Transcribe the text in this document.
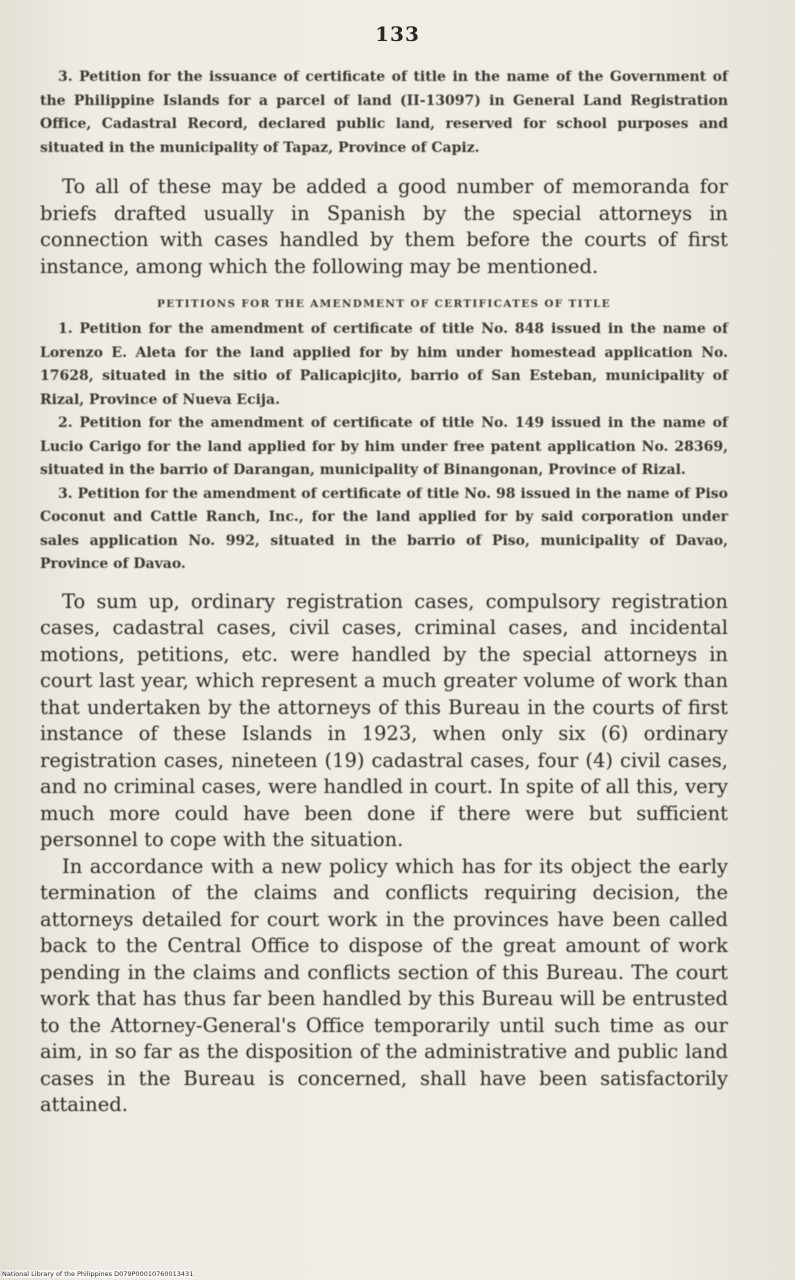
133

3. Petition for the issuance of certificate of title in the name of the Government of the Philippine Islands for a parcel of land (II-13097) in General Land Registration Office, Cadastral Record, declared public land, reserved for school purposes and situated in the municipality of Tapaz, Province of Capiz.

To all of these may be added a good number of memoranda for briefs drafted usually in Spanish by the special attorneys in connection with cases handled by them before the courts of first instance, among which the following may be mentioned.

PETITIONS FOR THE AMENDMENT OF CERTIFICATES OF TITLE

1. Petition for the amendment of certificate of title No. 848 issued in the name of Lorenzo E. Aleta for the land applied for by him under homestead application No. 17628, situated in the sitio of Palicapicjito, barrio of San Esteban, municipality of Rizal, Province of Nueva Ecija.

2. Petition for the amendment of certificate of title No. 149 issued in the name of Lucio Carigo for the land applied for by him under free patent application No. 28369, situated in the barrio of Darangan, municipality of Binangonan, Province of Rizal.

3. Petition for the amendment of certificate of title No. 98 issued in the name of Piso Coconut and Cattle Ranch, Inc., for the land applied for by said corporation under sales application No. 992, situated in the barrio of Piso, municipality of Davao, Province of Davao.

To sum up, ordinary registration cases, compulsory registration cases, cadastral cases, civil cases, criminal cases, and incidental motions, petitions, etc. were handled by the special attorneys in court last year, which represent a much greater volume of work than that undertaken by the attorneys of this Bureau in the courts of first instance of these Islands in 1923, when only six (6) ordinary registration cases, nineteen (19) cadastral cases, four (4) civil cases, and no criminal cases, were handled in court. In spite of all this, very much more could have been done if there were but sufficient personnel to cope with the situation.

In accordance with a new policy which has for its object the early termination of the claims and conflicts requiring decision, the attorneys detailed for court work in the provinces have been called back to the Central Office to dispose of the great amount of work pending in the claims and conflicts section of this Bureau. The court work that has thus far been handled by this Bureau will be entrusted to the Attorney-General's Office temporarily until such time as our aim, in so far as the disposition of the administrative and public land cases in the Bureau is concerned, shall have been satisfactorily attained.

National Library of the Philippines D079P00010760013431
